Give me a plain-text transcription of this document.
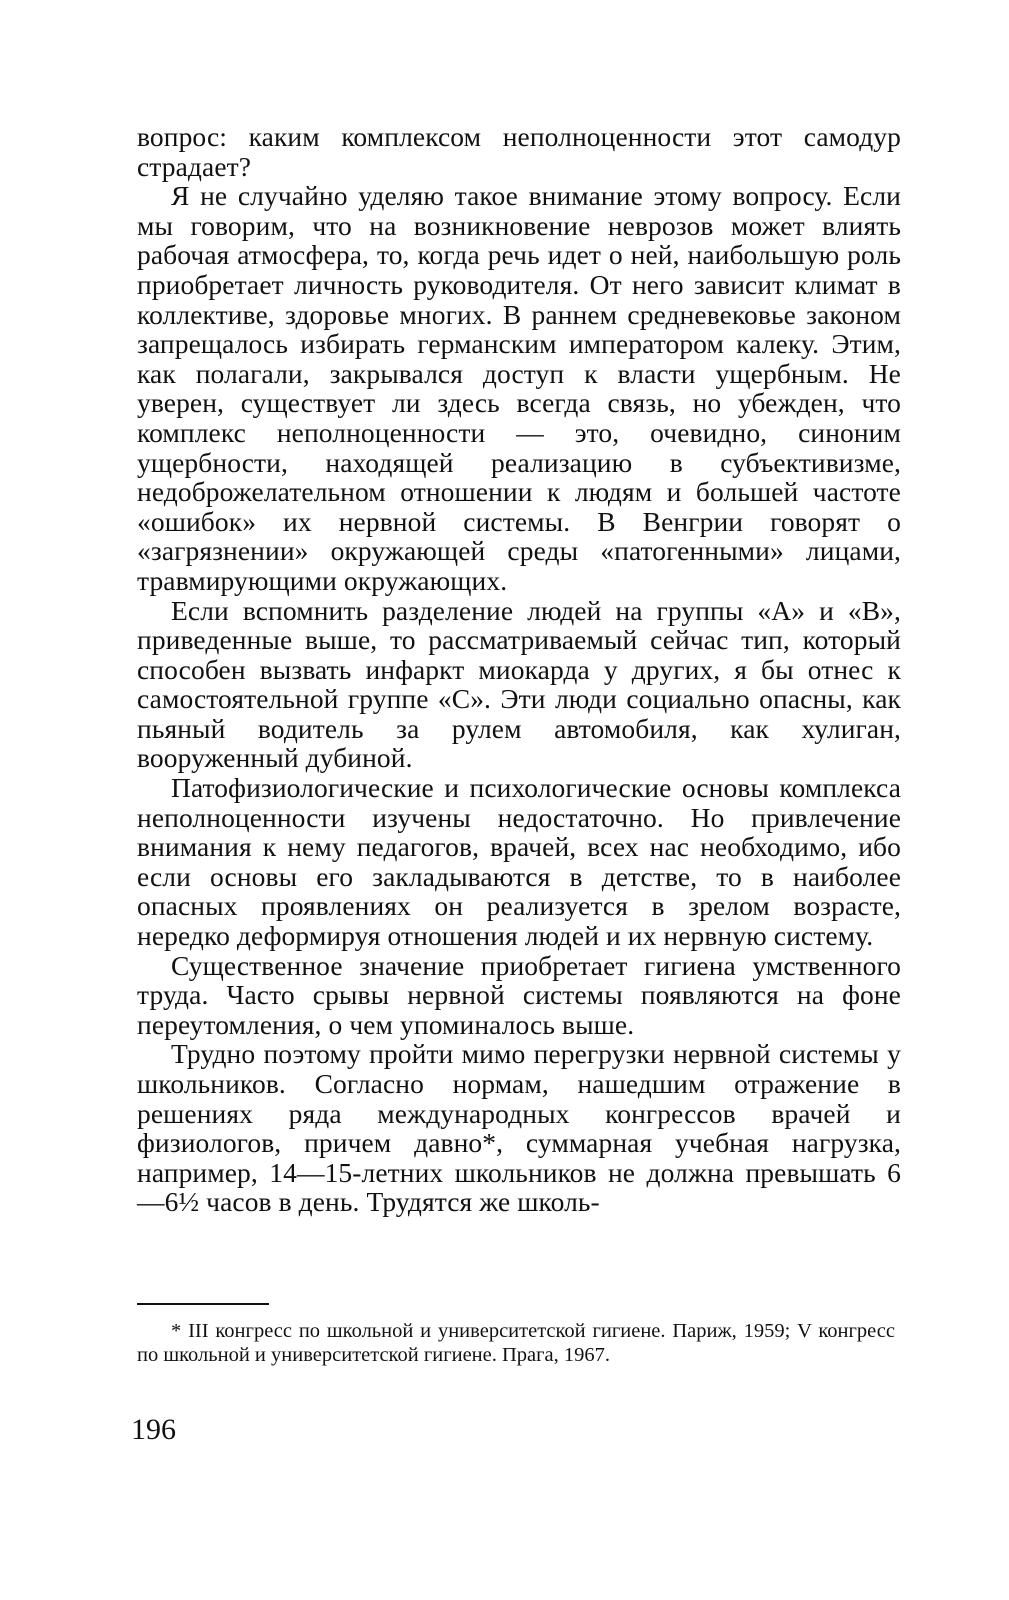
вопрос: каким комплексом неполноценности этот самодур страдает?

Я не случайно уделяю такое внимание этому вопросу. Если мы говорим, что на возникновение неврозов может влиять рабочая атмосфера, то, когда речь идет о ней, наибольшую роль приобретает личность руководителя. От него зависит климат в коллективе, здоровье многих. В раннем средневековье законом запрещалось избирать германским императором калеку. Этим, как полагали, закрывался доступ к власти ущербным. Не уверен, существует ли здесь всегда связь, но убежден, что комплекс неполноценности — это, очевидно, синоним ущербности, находящей реализацию в субъективизме, недоброжелательном отношении к людям и большей частоте «ошибок» их нервной системы. В Венгрии говорят о «загрязнении» окружающей среды «патогенными» лицами, травмирующими окружающих.

Если вспомнить разделение людей на группы «А» и «В», приведенные выше, то рассматриваемый сейчас тип, который способен вызвать инфаркт миокарда у других, я бы отнес к самостоятельной группе «С». Эти люди социально опасны, как пьяный водитель за рулем автомобиля, как хулиган, вооруженный дубиной.

Патофизиологические и психологические основы комплекса неполноценности изучены недостаточно. Но привлечение внимания к нему педагогов, врачей, всех нас необходимо, ибо если основы его закладываются в детстве, то в наиболее опасных проявлениях он реализуется в зрелом возрасте, нередко деформируя отношения людей и их нервную систему.

Существенное значение приобретает гигиена умственного труда. Часто срывы нервной системы появляются на фоне переутомления, о чем упоминалось выше.

Трудно поэтому пройти мимо перегрузки нервной системы у школьников. Согласно нормам, нашедшим отражение в решениях ряда международных конгрессов врачей и физиологов, причем давно*, суммарная учебная нагрузка, например, 14—15-летних школьников не должна превышать 6—6½ часов в день. Трудятся же школь-

* III конгресс по школьной и университетской гигиене. Париж, 1959; V конгресс по школьной и университетской гигиене. Прага, 1967.

196
